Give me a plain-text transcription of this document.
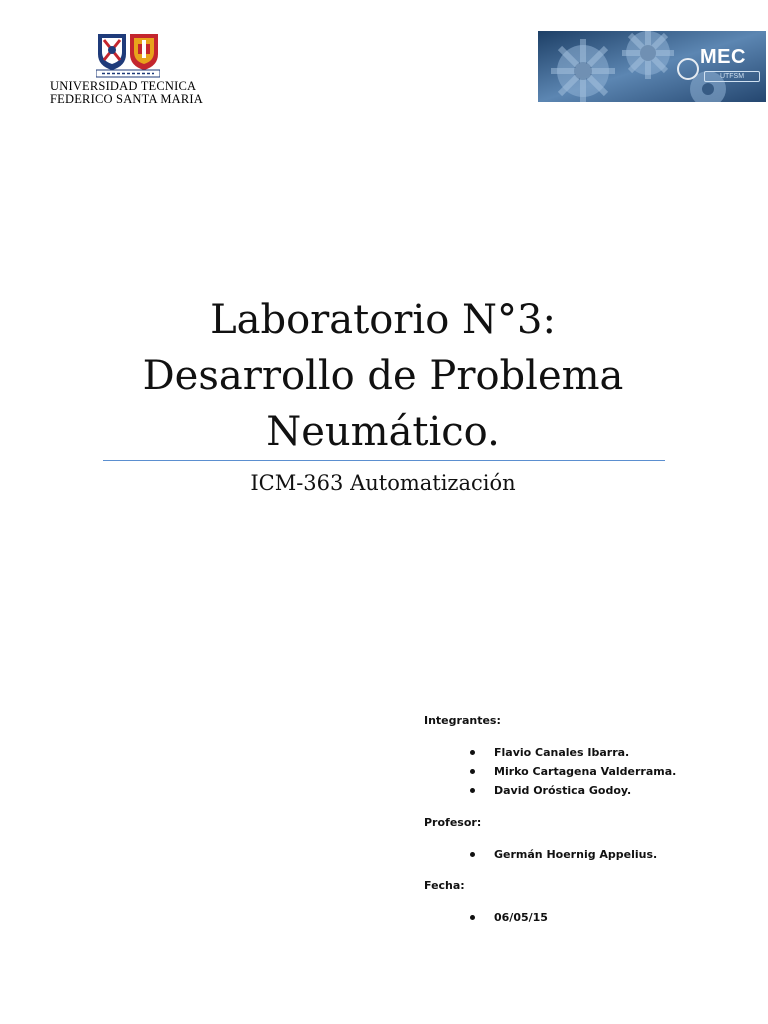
UNIVERSIDAD TECNICA
FEDERICO SANTA MARIA
MEC
UTFSM
Laboratorio N°3:
Desarrollo de Problema
Neumático.
ICM-363 Automatización

Integrantes:

Flavio Canales Ibarra.
Mirko Cartagena Valderrama.
David Oróstica Godoy.

Profesor:

Germán Hoernig Appelius.

Fecha:

06/05/15
